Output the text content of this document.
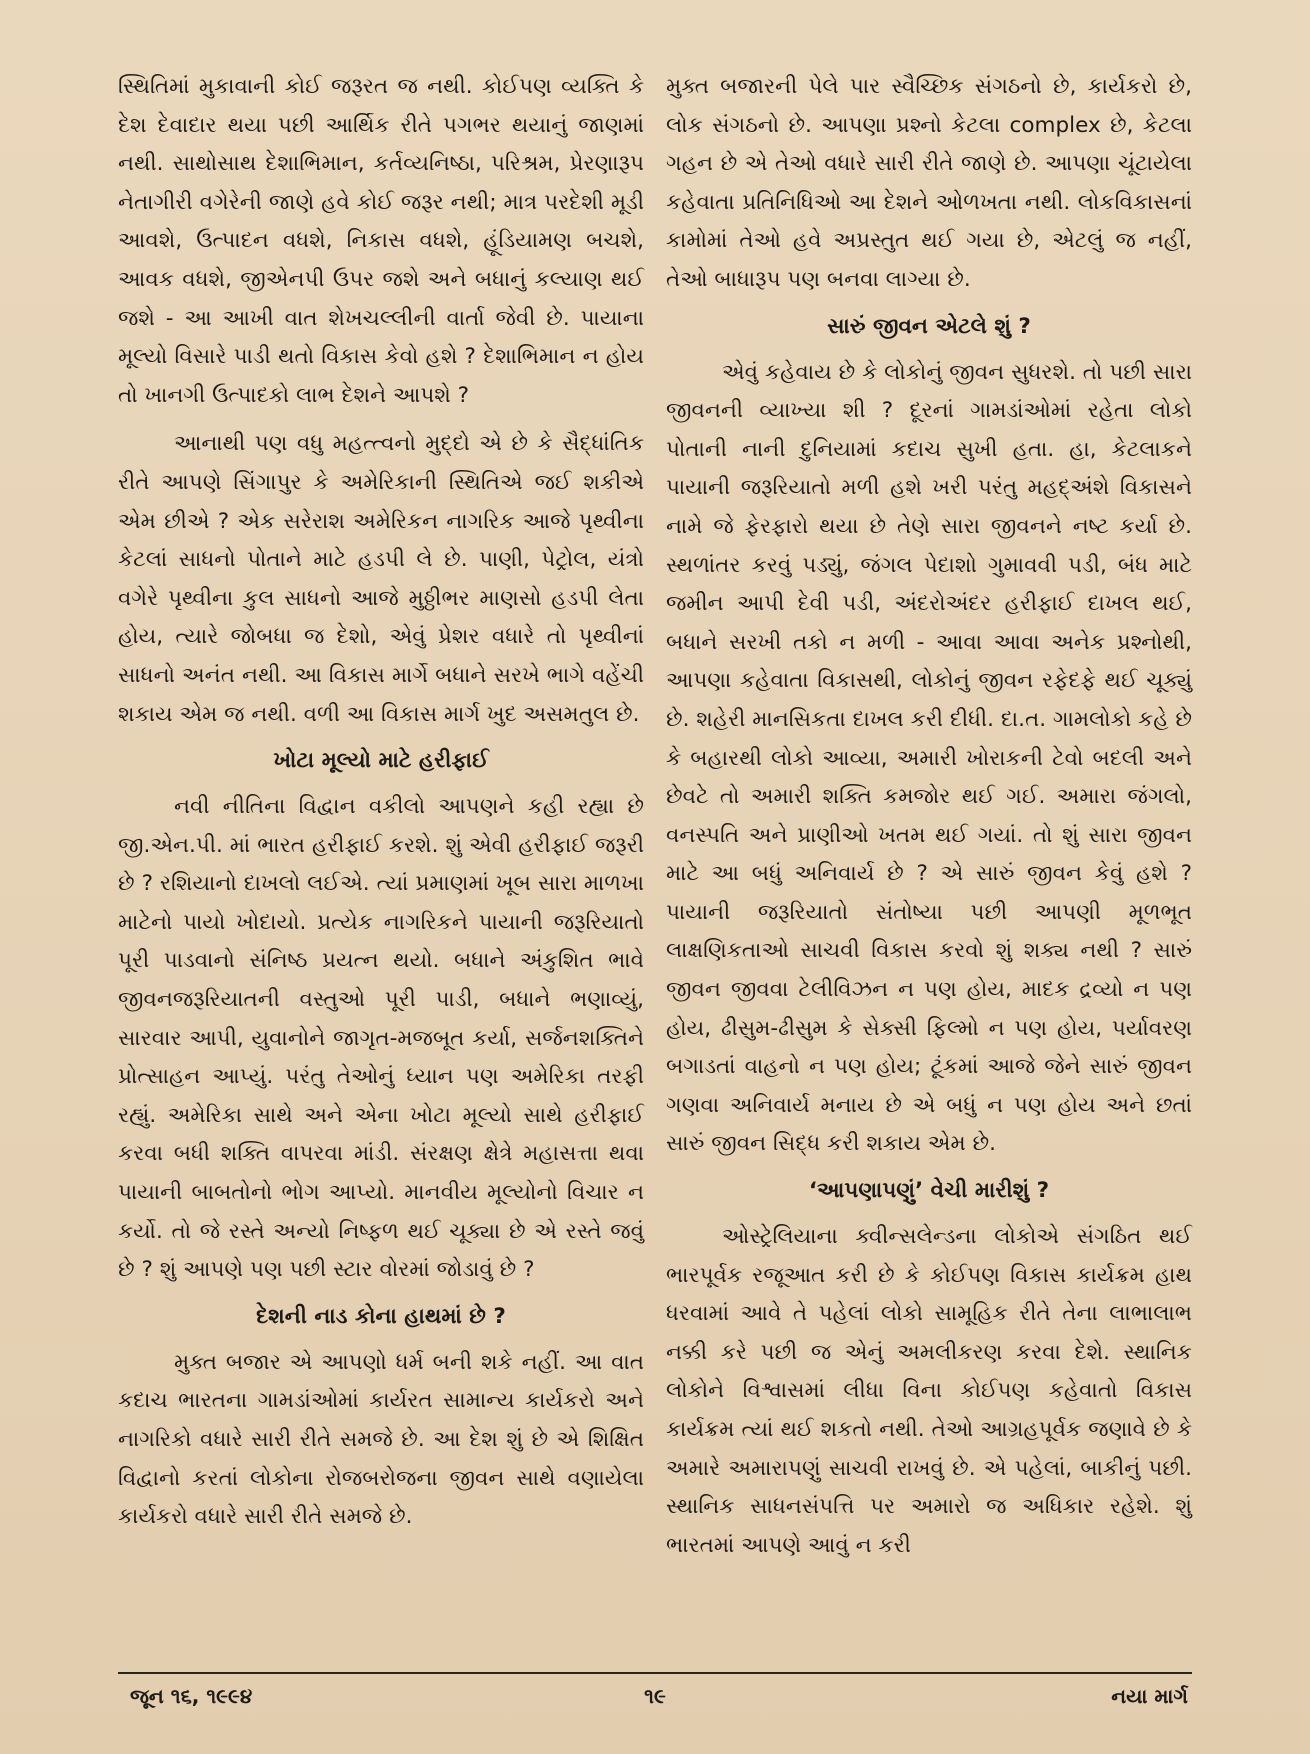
સ્થિતિમાં મુકાવાની કોઈ જરૂરત જ નથી. કોઈપણ વ્યક્તિ કે દેશ દેવાદાર થયા પછી આર્થિક રીતે પગભર થયાનું જાણમાં નથી. સાથોસાથ દેશાભિમાન, કર્તવ્યનિષ્ઠા, પરિશ્રમ, પ્રેરણારૂપ નેતાગીરી વગેરેની જાણે હવે કોઈ જરૂર નથી; માત્ર પરદેશી મૂડી આવશે, ઉત્પાદન વધશે, નિકાસ વધશે, હૂંડિયામણ બચશે, આવક વધશે, જીએનપી ઉપર જશે અને બધાનું કલ્યાણ થઈ જશે - આ આખી વાત શેખચલ્લીની વાર્તા જેવી છે. પાયાના મૂલ્યો વિસારે પાડી થતો વિકાસ કેવો હશે ? દેશાભિમાન ન હોય તો ખાનગી ઉત્પાદકો લાભ દેશને આપશે ?

આનાથી પણ વધુ મહત્ત્વનો મુદ્દો એ છે કે સૈદ્ધાંતિક રીતે આપણે સિંગાપુર કે અમેરિકાની સ્થિતિએ જઈ શકીએ એમ છીએ ? એક સરેરાશ અમેરિકન નાગરિક આજે પૃથ્વીના કેટલાં સાધનો પોતાને માટે હડપી લે છે. પાણી, પેટ્રોલ, યંત્રો વગેરે પૃથ્વીના કુલ સાધનો આજે મુઠ્ઠીભર માણસો હડપી લેતા હોય, ત્યારે જોબધા જ દેશો, એવું પ્રેશર વધારે તો પૃથ્વીનાં સાધનો અનંત નથી. આ વિકાસ માર્ગે બધાને સરખે ભાગે વહેંચી શકાય એમ જ નથી. વળી આ વિકાસ માર્ગ ખુદ અસમતુલ છે.

ખોટા મૂલ્યો માટે હરીફાઈ

નવી નીતિના વિદ્વાન વકીલો આપણને કહી રહ્યા છે જી.એન.પી. માં ભારત હરીફાઈ કરશે. શું એવી હરીફાઈ જરૂરી છે ? રશિયાનો દાખલો લઈએ. ત્યાં પ્રમાણમાં ખૂબ સારા માળખા માટેનો પાયો ખોદાયો. પ્રત્યેક નાગરિકને પાયાની જરૂરિયાતો પૂરી પાડવાનો સંનિષ્ઠ પ્રયત્ન થયો. બધાને અંકુશિત ભાવે જીવનજરૂરિયાતની વસ્તુઓ પૂરી પાડી, બધાને ભણાવ્યું, સારવાર આપી, યુવાનોને જાગૃત-મજબૂત કર્યા, સર્જનશક્તિને પ્રોત્સાહન આપ્યું. પરંતુ તેઓનું ધ્યાન પણ અમેરિકા તરફી રહ્યું. અમેરિકા સાથે અને એના ખોટા મૂલ્યો સાથે હરીફાઈ કરવા બધી શક્તિ વાપરવા માંડી. સંરક્ષણ ક્ષેત્રે મહાસત્તા થવા પાયાની બાબતોનો ભોગ આપ્યો. માનવીય મૂલ્યોનો વિચાર ન કર્યો. તો જે રસ્તે અન્યો નિષ્ફળ થઈ ચૂક્યા છે એ રસ્તે જવું છે ? શું આપણે પણ પછી સ્ટાર વોરમાં જોડાવું છે ?

દેશની નાડ કોના હાથમાં છે ?

મુક્ત બજાર એ આપણો ધર્મ બની શકે નહીં. આ વાત કદાચ ભારતના ગામડાંઓમાં કાર્યરત સામાન્ય કાર્યકરો અને નાગરિકો વધારે સારી રીતે સમજે છે. આ દેશ શું છે એ શિક્ષિત વિદ્વાનો કરતાં લોકોના રોજબરોજના જીવન સાથે વણાયેલા કાર્યકરો વધારે સારી રીતે સમજે છે.

મુક્ત બજારની પેલે પાર સ્વૈચ્છિક સંગઠનો છે, કાર્યકરો છે, લોક સંગઠનો છે. આપણા પ્રશ્નો કેટલા complex છે, કેટલા ગહન છે એ તેઓ વધારે સારી રીતે જાણે છે. આપણા ચૂંટાયેલા કહેવાતા પ્રતિનિધિઓ આ દેશને ઓળખતા નથી. લોકવિકાસનાં કામોમાં તેઓ હવે અપ્રસ્તુત થઈ ગયા છે, એટલું જ નહીં, તેઓ બાધારૂપ પણ બનવા લાગ્યા છે.

સારું જીવન એટલે શું ?

એવું કહેવાય છે કે લોકોનું જીવન સુધરશે. તો પછી સારા જીવનની વ્યાખ્યા શી ? દૂરનાં ગામડાંઓમાં રહેતા લોકો પોતાની નાની દુનિયામાં કદાચ સુખી હતા. હા, કેટલાકને પાયાની જરૂરિયાતો મળી હશે ખરી પરંતુ મહદ્અંશે વિકાસને નામે જે ફેરફારો થયા છે તેણે સારા જીવનને નષ્ટ કર્યા છે. સ્થળાંતર કરવું પડ્યું, જંગલ પેદાશો ગુમાવવી પડી, બંધ માટે જમીન આપી દેવી પડી, અંદરોઅંદર હરીફાઈ દાખલ થઈ, બધાને સરખી તકો ન મળી - આવા આવા અનેક પ્રશ્નોથી, આપણા કહેવાતા વિકાસથી, લોકોનું જીવન રફેદફે થઈ ચૂક્યું છે. શહેરી માનસિકતા દાખલ કરી દીધી. દા.ત. ગામલોકો કહે છે કે બહારથી લોકો આવ્યા, અમારી ખોરાકની ટેવો બદલી અને છેવટે તો અમારી શક્તિ કમજોર થઈ ગઈ. અમારા જંગલો, વનસ્પતિ અને પ્રાણીઓ ખતમ થઈ ગયાં. તો શું સારા જીવન માટે આ બધું અનિવાર્ય છે ? એ સારું જીવન કેવું હશે ? પાયાની જરૂરિયાતો સંતોષ્યા પછી આપણી મૂળભૂત લાક્ષણિકતાઓ સાચવી વિકાસ કરવો શું શક્ય નથી ? સારું જીવન જીવવા ટેલીવિઝન ન પણ હોય, માદક દ્રવ્યો ન પણ હોય, ઢીસુમ-ઢીસુમ કે સેક્સી ફિલ્મો ન પણ હોય, પર્યાવરણ બગાડતાં વાહનો ન પણ હોય; ટૂંકમાં આજે જેને સારું જીવન ગણવા અનિવાર્ય મનાય છે એ બધું ન પણ હોય અને છતાં સારું જીવન સિદ્ધ કરી શકાય એમ છે.

‘આપણાપણું’ વેચી મારીશું ?

ઓસ્ટ્રેલિયાના ક્વીન્સલેન્ડના લોકોએ સંગઠિત થઈ ભારપૂર્વક રજૂઆત કરી છે કે કોઈપણ વિકાસ કાર્યક્રમ હાથ ધરવામાં આવે તે પહેલાં લોકો સામૂહિક રીતે તેના લાભાલાભ નક્કી કરે પછી જ એનું અમલીકરણ કરવા દેશે. સ્થાનિક લોકોને વિશ્વાસમાં લીધા વિના કોઈપણ કહેવાતો વિકાસ કાર્યક્રમ ત્યાં થઈ શકતો નથી. તેઓ આગ્રહપૂર્વક જણાવે છે કે અમારે અમારાપણું સાચવી રાખવું છે. એ પહેલાં, બાકીનું પછી. સ્થાનિક સાધનસંપત્તિ પર અમારો જ અધિકાર રહેશે. શું ભારતમાં આપણે આવું ન કરી

જૂન ૧૬, ૧૯૯૪	૧૯	નયા માર્ગ
